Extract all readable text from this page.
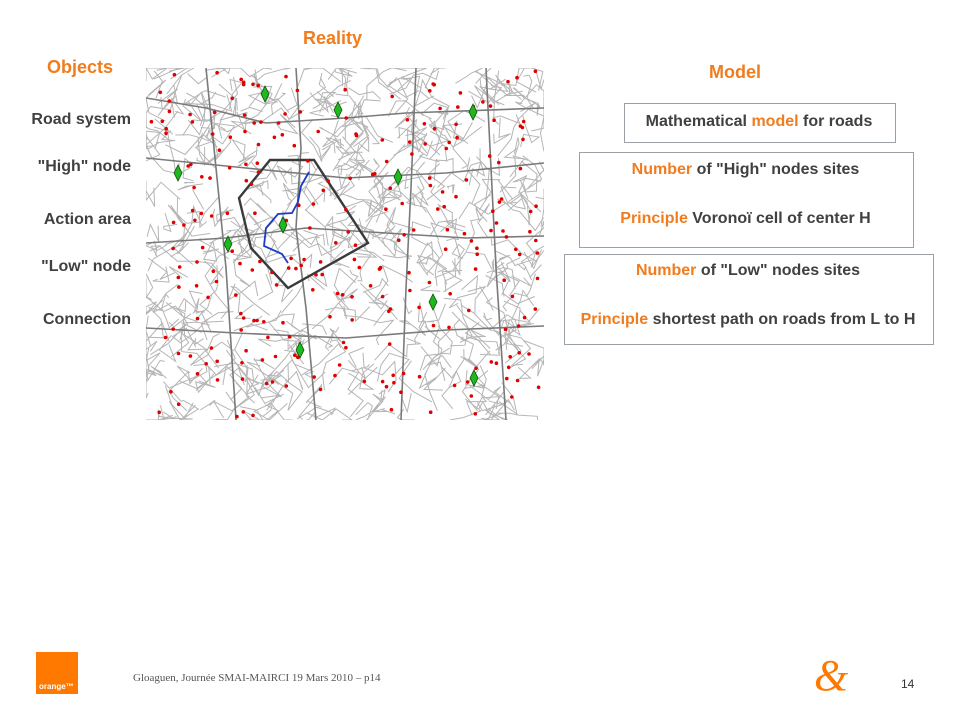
Reality
Objects	Model
Road system
"High" node
Action area
"Low" node
Connection
Mathematical model for roads
Number of "High" nodes sites
Principle Voronoï cell of center H
Number of "Low" nodes sites
Principle shortest path on roads from L to H
orange™
Gloaguen, Journée SMAI-MAIRCI 19 Mars 2010 – p14	&	14
